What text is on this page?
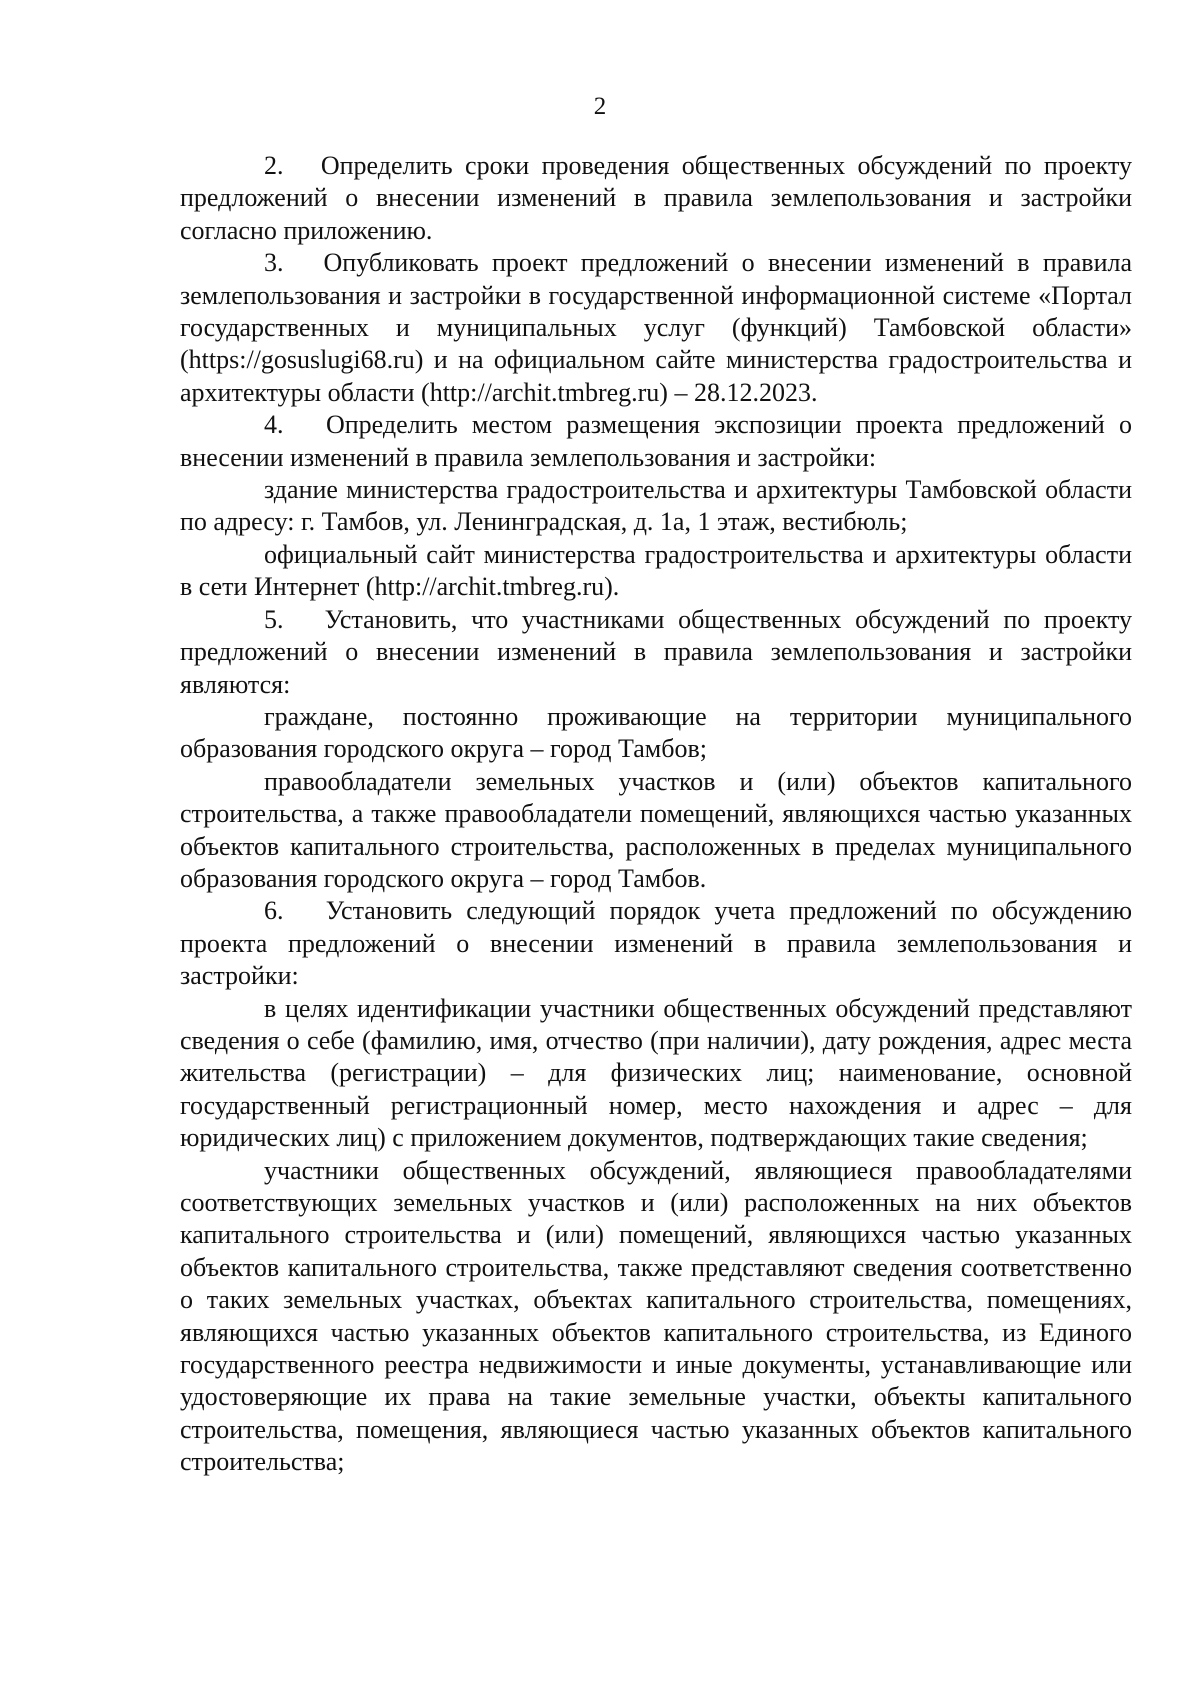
2

2.   Определить сроки проведения общественных обсуждений по проекту предложений о внесении изменений в правила землепользования и застройки согласно приложению.

3.   Опубликовать проект предложений о внесении изменений в правила землепользования и застройки в государственной информационной системе «Портал государственных и муниципальных услуг (функций) Тамбовской области» (https://gosuslugi68.ru) и на официальном сайте министерства градостроительства и архитектуры области (http://archit.tmbreg.ru) – 28.12.2023.

4.   Определить местом размещения экспозиции проекта предложений о внесении изменений в правила землепользования и застройки:

здание министерства градостроительства и архитектуры Тамбовской области по адресу: г. Тамбов, ул. Ленинградская, д. 1а, 1 этаж, вестибюль;

официальный сайт министерства градостроительства и архитектуры области в сети Интернет (http://archit.tmbreg.ru).

5.   Установить, что участниками общественных обсуждений по проекту предложений о внесении изменений в правила землепользования и застройки являются:

граждане, постоянно проживающие на территории муниципального образования городского округа – город Тамбов;

правообладатели земельных участков и (или) объектов капитального строительства, а также правообладатели помещений, являющихся частью указанных объектов капитального строительства, расположенных в пределах муниципального образования городского округа – город Тамбов.

6.   Установить следующий порядок учета предложений по обсуждению проекта предложений о внесении изменений в правила землепользования и застройки:

в целях идентификации участники общественных обсуждений представляют сведения о себе (фамилию, имя, отчество (при наличии), дату рождения, адрес места жительства (регистрации) – для физических лиц; наименование, основной государственный регистрационный номер, место нахождения и адрес – для юридических лиц) с приложением документов, подтверждающих такие сведения;

участники общественных обсуждений, являющиеся правообладателями соответствующих земельных участков и (или) расположенных на них объектов капитального строительства и (или) помещений, являющихся частью указанных объектов капитального строительства, также представляют сведения соответственно о таких земельных участках, объектах капитального строительства, помещениях, являющихся частью указанных объектов капитального строительства, из Единого государственного реестра недвижимости и иные документы, устанавливающие или удостоверяющие их права на такие земельные участки, объекты капитального строительства, помещения, являющиеся частью указанных объектов капитального строительства;
